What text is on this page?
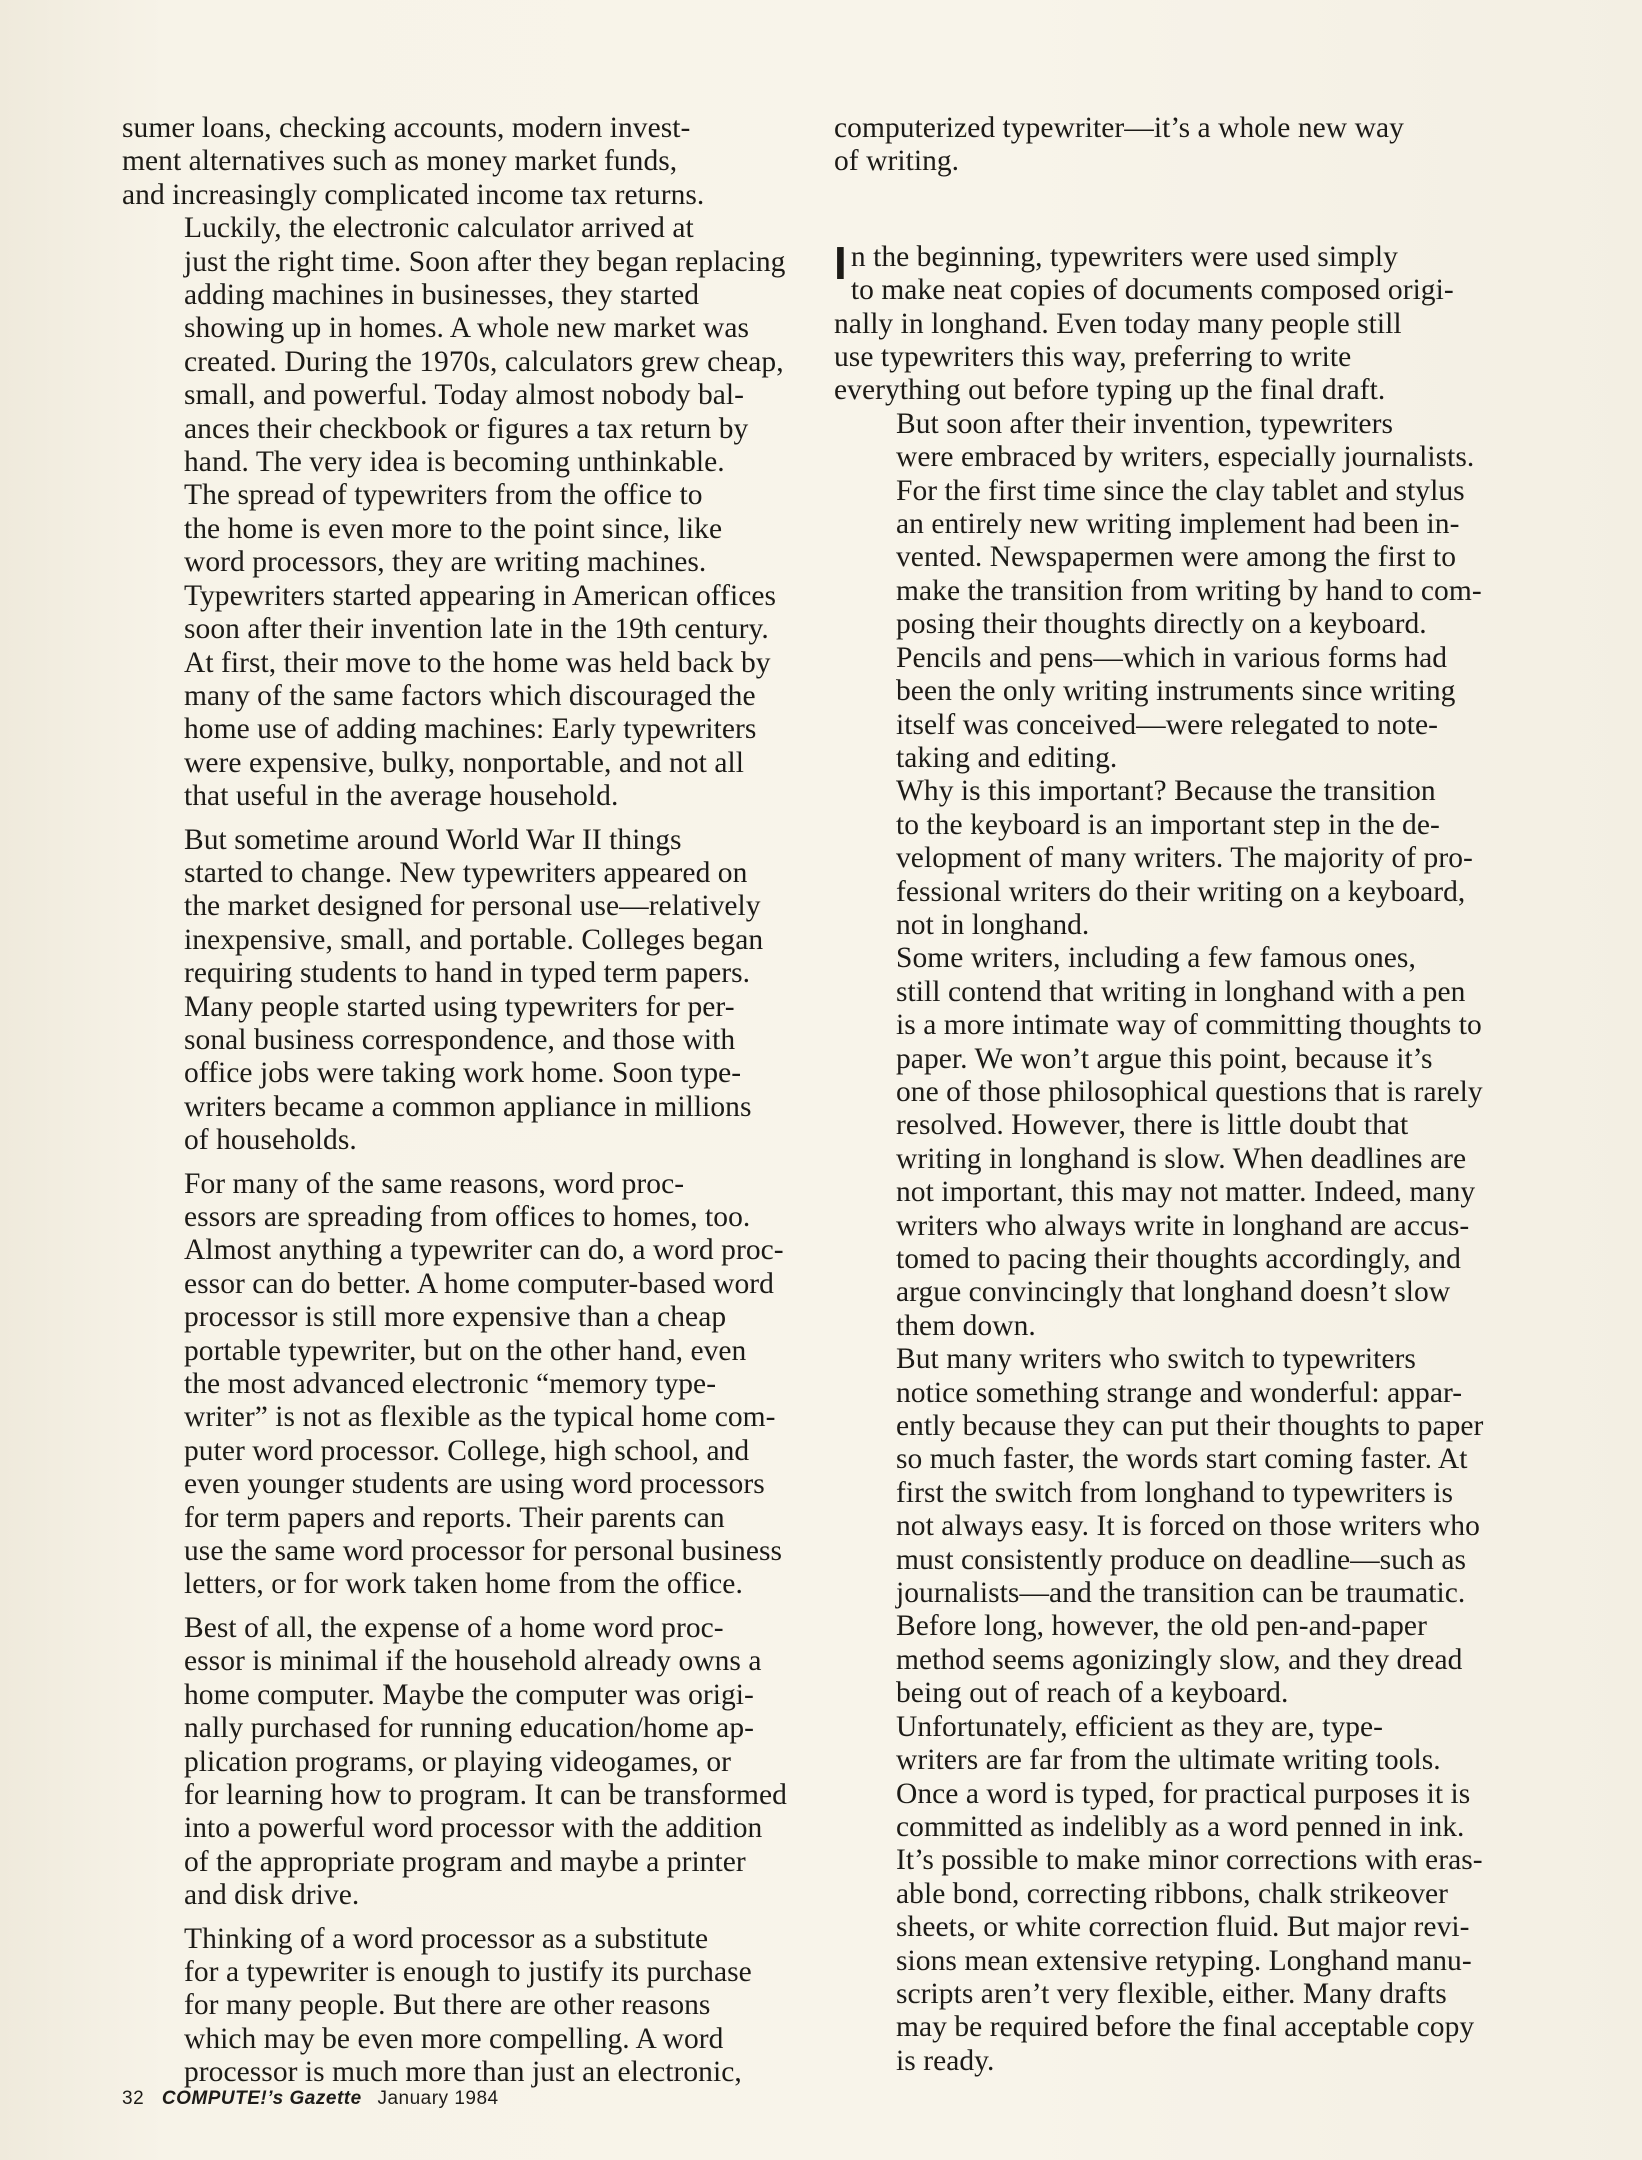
sumer loans, checking accounts, modern invest-
ment alternatives such as money market funds,
and increasingly complicated income tax returns.

Luckily, the electronic calculator arrived at
just the right time. Soon after they began replacing
adding machines in businesses, they started
showing up in homes. A whole new market was
created. During the 1970s, calculators grew cheap,
small, and powerful. Today almost nobody bal-
ances their checkbook or figures a tax return by
hand. The very idea is becoming unthinkable.

The spread of typewriters from the office to
the home is even more to the point since, like
word processors, they are writing machines.
Typewriters started appearing in American offices
soon after their invention late in the 19th century.
At first, their move to the home was held back by
many of the same factors which discouraged the
home use of adding machines: Early typewriters
were expensive, bulky, nonportable, and not all
that useful in the average household.

But sometime around World War II things
started to change. New typewriters appeared on
the market designed for personal use—relatively
inexpensive, small, and portable. Colleges began
requiring students to hand in typed term papers.
Many people started using typewriters for per-
sonal business correspondence, and those with
office jobs were taking work home. Soon type-
writers became a common appliance in millions
of households.

For many of the same reasons, word proc-
essors are spreading from offices to homes, too.
Almost anything a typewriter can do, a word proc-
essor can do better. A home computer-based word
processor is still more expensive than a cheap
portable typewriter, but on the other hand, even
the most advanced electronic “memory type-
writer” is not as flexible as the typical home com-
puter word processor. College, high school, and
even younger students are using word processors
for term papers and reports. Their parents can
use the same word processor for personal business
letters, or for work taken home from the office.

Best of all, the expense of a home word proc-
essor is minimal if the household already owns a
home computer. Maybe the computer was origi-
nally purchased for running education/home ap-
plication programs, or playing videogames, or
for learning how to program. It can be transformed
into a powerful word processor with the addition
of the appropriate program and maybe a printer
and disk drive.

Thinking of a word processor as a substitute
for a typewriter is enough to justify its purchase
for many people. But there are other reasons
which may be even more compelling. A word
processor is much more than just an electronic,

computerized typewriter—it’s a whole new way
of writing.

I n the beginning, typewriters were used simply
to make neat copies of documents composed origi-
nally in longhand. Even today many people still
use typewriters this way, preferring to write
everything out before typing up the final draft.

But soon after their invention, typewriters
were embraced by writers, especially journalists.
For the first time since the clay tablet and stylus
an entirely new writing implement had been in-
vented. Newspapermen were among the first to
make the transition from writing by hand to com-
posing their thoughts directly on a keyboard.
Pencils and pens—which in various forms had
been the only writing instruments since writing
itself was conceived—were relegated to note-
taking and editing.

Why is this important? Because the transition
to the keyboard is an important step in the de-
velopment of many writers. The majority of pro-
fessional writers do their writing on a keyboard,
not in longhand.

Some writers, including a few famous ones,
still contend that writing in longhand with a pen
is a more intimate way of committing thoughts to
paper. We won’t argue this point, because it’s
one of those philosophical questions that is rarely
resolved. However, there is little doubt that
writing in longhand is slow. When deadlines are
not important, this may not matter. Indeed, many
writers who always write in longhand are accus-
tomed to pacing their thoughts accordingly, and
argue convincingly that longhand doesn’t slow
them down.

But many writers who switch to typewriters
notice something strange and wonderful: appar-
ently because they can put their thoughts to paper
so much faster, the words start coming faster. At
first the switch from longhand to typewriters is
not always easy. It is forced on those writers who
must consistently produce on deadline—such as
journalists—and the transition can be traumatic.
Before long, however, the old pen-and-paper
method seems agonizingly slow, and they dread
being out of reach of a keyboard.

Unfortunately, efficient as they are, type-
writers are far from the ultimate writing tools.
Once a word is typed, for practical purposes it is
committed as indelibly as a word penned in ink.
It’s possible to make minor corrections with eras-
able bond, correcting ribbons, chalk strikeover
sheets, or white correction fluid. But major revi-
sions mean extensive retyping. Longhand manu-
scripts aren’t very flexible, either. Many drafts
may be required before the final acceptable copy
is ready.

32 COMPUTE!’s Gazette January 1984
